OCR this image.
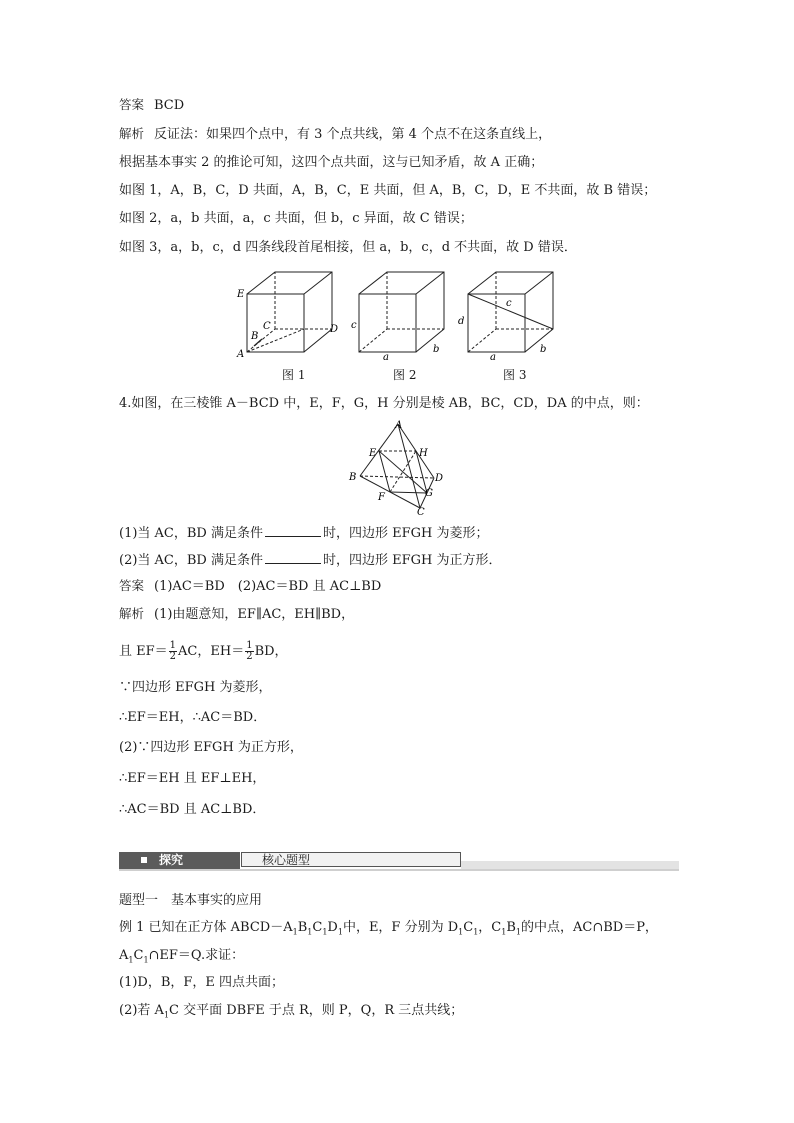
答案 BCD
解析 反证法：如果四个点中，有 3 个点共线，第 4 个点不在这条直线上，
根据基本事实 2 的推论可知，这四个点共面，这与已知矛盾，故 A 正确；
如图 1，A，B，C，D 共面，A，B，C，E 共面，但 A，B，C，D，E 不共面，故 B 错误；
如图 2，a，b 共面，a，c 共面，但 b，c 异面，故 C 错误；
如图 3，a，b，c，d 四条线段首尾相接，但 a，b，c，d 不共面，故 D 错误．
E
B
C
A
D
图 1
c
a
b
图 2
c
d
a
b
图 3
4.如图，在三棱锥 A－BCD 中，E，F，G，H 分别是棱 AB，BC，CD，DA 的中点，则：
A
E	H
B	D
F	G
C
(1)当 AC，BD 满足条件	时，四边形 EFGH 为菱形；
(2)当 AC，BD 满足条件	时，四边形 EFGH 为正方形．
答案 (1)AC＝BD　(2)AC＝BD 且 AC⊥BD
解析 (1)由题意知，EF∥AC，EH∥BD，
且 $EF= \frac{1}{2}$ AC，$EH= \frac{1}{2}$ BD，
∵四边形 EFGH 为菱形，
∴EF＝EH，∴AC＝BD．
(2)∵四边形 EFGH 为正方形，
∴EF＝EH 且 EF⊥EH，
∴AC＝BD 且 AC⊥BD．
探究	核心题型
题型一　基本事实的应用
例 1 已知在正方体 $ABCD-A_1B_1C_1D_1$中，E，F 分别为 $D_1C_1$，$C_1B_1$的中点，AC∩BD＝P，
$A_1C_1\cap EF=Q$.求证：
(1)D，B，F，E 四点共面；
(2)若 $A_1C$ 交平面 DBFE 于点 R，则 P，Q，R 三点共线；
